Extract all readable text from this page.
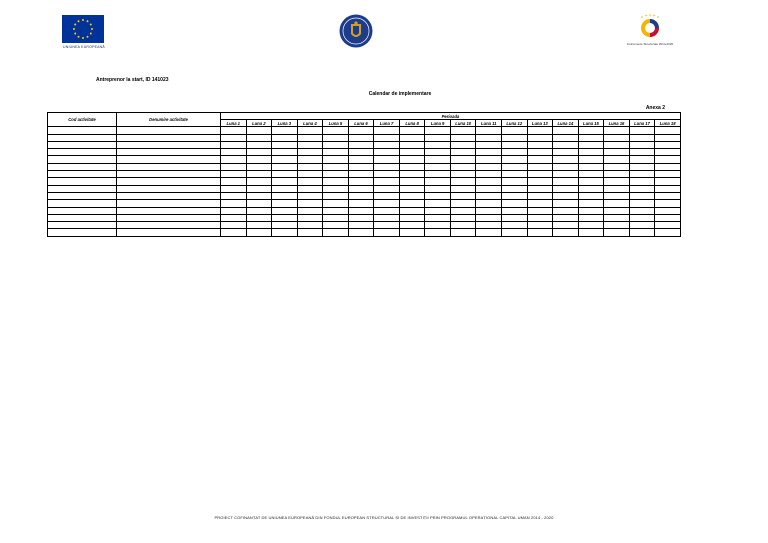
UNIUNEA EUROPEANĂ
Instrumente Structurale 2014-2020
Antreprenor la start, ID 141023
Calendar de implementare
Anexa 2
Cod activitate	Denumire activitate	Perioada																	
		Luna 1	Luna 2	Luna 3	Luna 4	Luna 5	Luna 6	Luna 7	Luna 8	Luna 9	Luna 10	Luna 11	Luna 12	Luna 13	Luna 14	Luna 15	Luna 16	Luna 17	Luna 18

PROIECT COFINANȚAT DE UNIUNEA EUROPEANĂ DIN FONDUL EUROPEAN STRUCTURAL ȘI DE INVESTIȚII PRIN PROGRAMUL OPERAȚIONAL CAPITAL UMAN 2014 - 2020
